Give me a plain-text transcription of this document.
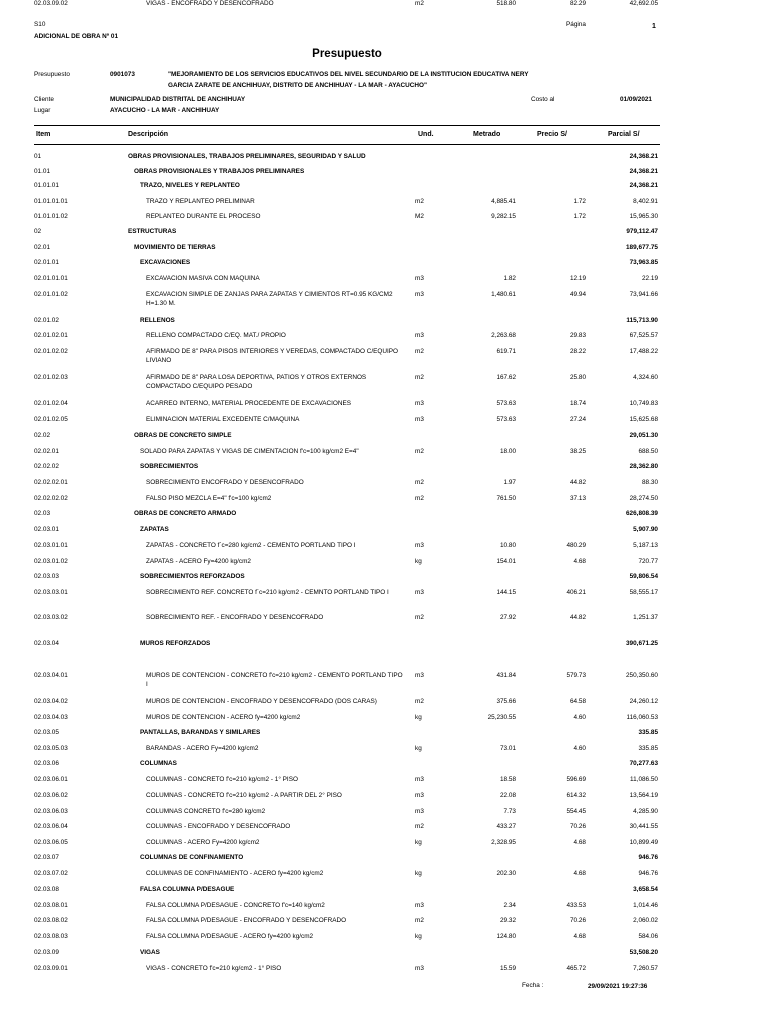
S10
ADICIONAL DE OBRA Nº 01
Página	1
Presupuesto
Presupuesto	0901073	"MEJORAMIENTO DE LOS SERVICIOS EDUCATIVOS DEL NIVEL SECUNDARIO DE LA INSTITUCION EDUCATIVA NERY
GARCIA ZARATE DE ANCHIHUAY, DISTRITO DE ANCHIHUAY - LA MAR - AYACUCHO"
Cliente	MUNICIPALIDAD DISTRITAL DE ANCHIHUAY	Costo al	01/09/2021
Lugar	AYACUCHO - LA MAR - ANCHIHUAY
Item	Descripción	Und.	Metrado	Precio S/	Parcial S/
01	OBRAS PROVISIONALES, TRABAJOS PRELIMINARES, SEGURIDAD Y SALUD	24,368.21
01.01	OBRAS PROVISIONALES Y TRABAJOS PRELIMINARES	24,368.21
01.01.01	TRAZO, NIVELES Y REPLANTEO	24,368.21
01.01.01.01	TRAZO Y REPLANTEO PRELIMINAR	m2	4,885.41	1.72	8,402.91
01.01.01.02	REPLANTEO DURANTE EL PROCESO	M2	9,282.15	1.72	15,965.30
02	ESTRUCTURAS	979,112.47
02.01	MOVIMIENTO DE TIERRAS	189,677.75
02.01.01	EXCAVACIONES	73,963.85
02.01.01.01	EXCAVACION MASIVA CON MAQUINA	m3	1.82	12.19	22.19
02.01.01.02	EXCAVACION SIMPLE DE ZANJAS PARA ZAPATAS Y CIMIENTOS RT=0.95 KG/CM2 H=1.30 M.
m3	1,480.61	49.94	73,941.66
02.01.02	RELLENOS	115,713.90
02.01.02.01	RELLENO COMPACTADO C/EQ. MAT./ PROPIO	m3	2,263.68	29.83	67,525.57
02.01.02.02	AFIRMADO DE 8" PARA PISOS INTERIORES Y VEREDAS, COMPACTADO C/EQUIPO LIVIANO
m2	619.71	28.22	17,488.22
02.01.02.03	AFIRMADO DE 8" PARA LOSA DEPORTIVA, PATIOS Y OTROS EXTERNOS COMPACTADO C/EQUIPO PESADO
m2	167.62	25.80	4,324.60
02.01.02.04	ACARREO INTERNO, MATERIAL PROCEDENTE DE EXCAVACIONES	m3	573.63	18.74	10,749.83
02.01.02.05	ELIMINACION MATERIAL EXCEDENTE C/MAQUINA	m3	573.63	27.24	15,625.68
02.02	OBRAS DE CONCRETO SIMPLE	29,051.30
02.02.01	SOLADO PARA ZAPATAS Y VIGAS DE CIMENTACION f'c=100 kg/cm2 E=4"	m2	18.00	38.25	688.50
02.02.02	SOBRECIMIENTOS	28,362.80
02.02.02.01	SOBRECIMIENTO ENCOFRADO Y DESENCOFRADO	m2	1.97	44.82	88.30
02.02.02.02	FALSO PISO MEZCLA E=4" f'c=100 kg/cm2	m2	761.50	37.13	28,274.50
02.03	OBRAS DE CONCRETO ARMADO	626,808.39
02.03.01	ZAPATAS	5,907.90
02.03.01.01	ZAPATAS - CONCRETO f`c=280 kg/cm2 - CEMENTO PORTLAND TIPO I	m3	10.80	480.29	5,187.13
02.03.01.02	ZAPATAS - ACERO Fy=4200 kg/cm2	kg	154.01	4.68	720.77
02.03.03	SOBRECIMIENTOS REFORZADOS	59,806.54
02.03.03.01	SOBRECIMIENTO REF. CONCRETO f`c=210 kg/cm2 - CEMNTO PORTLAND TIPO I	m3	144.15	406.21	58,555.17
02.03.03.02	SOBRECIMIENTO REF. - ENCOFRADO Y DESENCOFRADO	m2	27.92	44.82	1,251.37
02.03.04	MUROS REFORZADOS	390,671.25
02.03.04.01	MUROS DE CONTENCION - CONCRETO f'c=210 kg/cm2 - CEMENTO PORTLAND TIPO I
m3	431.84	579.73	250,350.60
02.03.04.02	MUROS DE CONTENCION - ENCOFRADO Y DESENCOFRADO (DOS CARAS)	m2	375.66	64.58	24,260.12
02.03.04.03	MUROS DE CONTENCION - ACERO fy=4200 kg/cm2	kg	25,230.55	4.60	116,060.53
02.03.05	PANTALLAS, BARANDAS Y SIMILARES	335.85
02.03.05.03	BARANDAS - ACERO Fy=4200 kg/cm2	kg	73.01	4.60	335.85
02.03.06	COLUMNAS	70,277.63
02.03.06.01	COLUMNAS - CONCRETO f'c=210 kg/cm2 - 1° PISO	m3	18.58	596.69	11,086.50
02.03.06.02	COLUMNAS - CONCRETO f'c=210 kg/cm2 - A PARTIR DEL 2° PISO	m3	22.08	614.32	13,564.19
02.03.06.03	COLUMNAS CONCRETO f'c=280 kg/cm2	m3	7.73	554.45	4,285.90
02.03.06.04	COLUMNAS - ENCOFRADO Y DESENCOFRADO	m2	433.27	70.26	30,441.55
02.03.06.05	COLUMNAS - ACERO Fy=4200 kg/cm2	kg	2,328.95	4.68	10,899.49
02.03.07	COLUMNAS DE CONFINAMIENTO	946.76
02.03.07.02	COLUMNAS DE CONFINAMIENTO - ACERO fy=4200 kg/cm2	kg	202.30	4.68	946.76
02.03.08	FALSA COLUMNA P/DESAGUE	3,658.54
02.03.08.01	FALSA COLUMNA P/DESAGUE - CONCRETO f'c=140 kg/cm2	m3	2.34	433.53	1,014.46
02.03.08.02	FALSA COLUMNA P/DESAGUE - ENCOFRADO Y DESENCOFRADO	m2	29.32	70.26	2,060.02
02.03.08.03	FALSA COLUMNA P/DESAGUE - ACERO fy=4200 kg/cm2	kg	124.80	4.68	584.06
02.03.09	VIGAS	53,508.20
02.03.09.01	VIGAS - CONCRETO f'c=210 kg/cm2 - 1° PISO	m3	15.59	465.72	7,260.57
02.03.09.02	VIGAS - ENCOFRADO Y DESENCOFRADO	m2	518.80	82.29	42,692.05
Fecha :	29/09/2021 19:27:36
